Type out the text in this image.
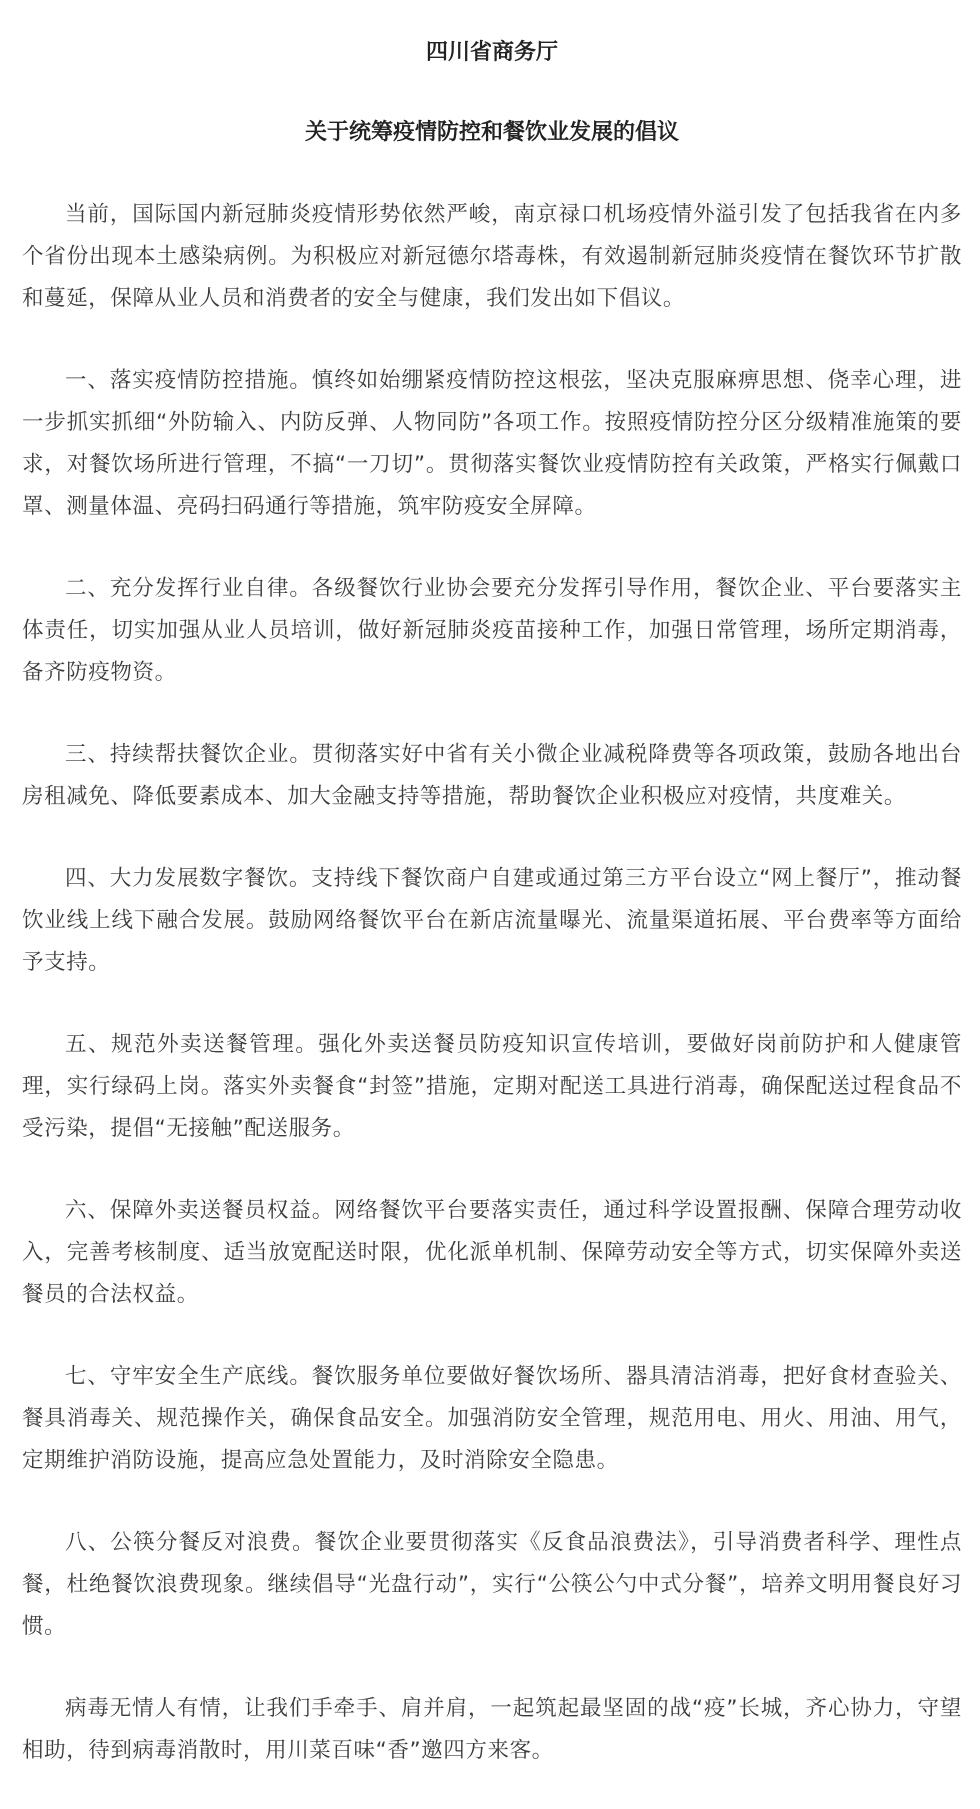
四川省商务厅
关于统筹疫情防控和餐饮业发展的倡议

当前，国际国内新冠肺炎疫情形势依然严峻，南京禄口机场疫情外溢引发了包括我省在内多个省份出现本土感染病例。为积极应对新冠德尔塔毒株，有效遏制新冠肺炎疫情在餐饮环节扩散和蔓延，保障从业人员和消费者的安全与健康，我们发出如下倡议。

一、落实疫情防控措施。慎终如始绷紧疫情防控这根弦，坚决克服麻痹思想、侥幸心理，进一步抓实抓细“外防输入、内防反弹、人物同防”各项工作。按照疫情防控分区分级精准施策的要求，对餐饮场所进行管理，不搞“一刀切”。贯彻落实餐饮业疫情防控有关政策，严格实行佩戴口罩、测量体温、亮码扫码通行等措施，筑牢防疫安全屏障。

二、充分发挥行业自律。各级餐饮行业协会要充分发挥引导作用，餐饮企业、平台要落实主体责任，切实加强从业人员培训，做好新冠肺炎疫苗接种工作，加强日常管理，场所定期消毒，备齐防疫物资。

三、持续帮扶餐饮企业。贯彻落实好中省有关小微企业减税降费等各项政策，鼓励各地出台房租减免、降低要素成本、加大金融支持等措施，帮助餐饮企业积极应对疫情，共度难关。

四、大力发展数字餐饮。支持线下餐饮商户自建或通过第三方平台设立“网上餐厅”，推动餐饮业线上线下融合发展。鼓励网络餐饮平台在新店流量曝光、流量渠道拓展、平台费率等方面给予支持。

五、规范外卖送餐管理。强化外卖送餐员防疫知识宣传培训，要做好岗前防护和人健康管理，实行绿码上岗。落实外卖餐食“封签”措施，定期对配送工具进行消毒，确保配送过程食品不受污染，提倡“无接触”配送服务。

六、保障外卖送餐员权益。网络餐饮平台要落实责任，通过科学设置报酬、保障合理劳动收入，完善考核制度、适当放宽配送时限，优化派单机制、保障劳动安全等方式，切实保障外卖送餐员的合法权益。

七、守牢安全生产底线。餐饮服务单位要做好餐饮场所、器具清洁消毒，把好食材查验关、餐具消毒关、规范操作关，确保食品安全。加强消防安全管理，规范用电、用火、用油、用气，定期维护消防设施，提高应急处置能力，及时消除安全隐患。

八、公筷分餐反对浪费。餐饮企业要贯彻落实《反食品浪费法》，引导消费者科学、理性点餐，杜绝餐饮浪费现象。继续倡导“光盘行动”，实行“公筷公勺中式分餐”，培养文明用餐良好习惯。

病毒无情人有情，让我们手牵手、肩并肩，一起筑起最坚固的战“疫”长城，齐心协力，守望相助，待到病毒消散时，用川菜百味“香”邀四方来客。
